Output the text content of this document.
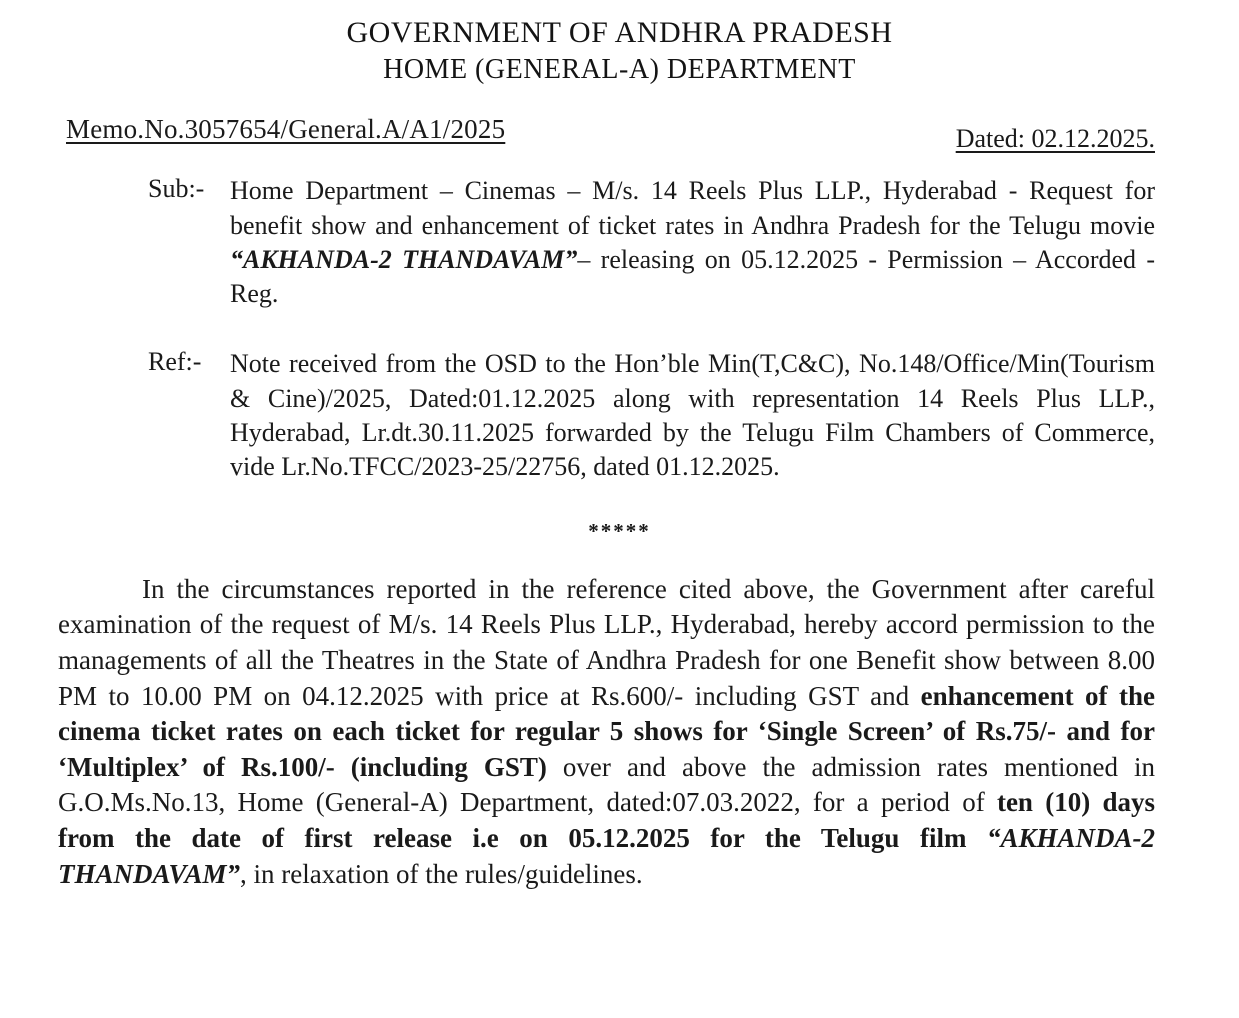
GOVERNMENT OF ANDHRA PRADESH
HOME (GENERAL-A) DEPARTMENT
Memo.No.3057654/General.A/A1/2025	Dated: 02.12.2025.
Sub:- Home Department – Cinemas – M/s. 14 Reels Plus LLP., Hyderabad - Request for benefit show and enhancement of ticket rates in Andhra Pradesh for the Telugu movie “AKHANDA-2 THANDAVAM”– releasing on 05.12.2025 - Permission – Accorded - Reg.
Ref:- Note received from the OSD to the Hon’ble Min(T,C&C), No.148/Office/Min(Tourism & Cine)/2025, Dated:01.12.2025 along with representation 14 Reels Plus LLP., Hyderabad, Lr.dt.30.11.2025 forwarded by the Telugu Film Chambers of Commerce, vide Lr.No.TFCC/2023-25/22756, dated 01.12.2025.
*****
In the circumstances reported in the reference cited above, the Government after careful examination of the request of M/s. 14 Reels Plus LLP., Hyderabad, hereby accord permission to the managements of all the Theatres in the State of Andhra Pradesh for one Benefit show between 8.00 PM to 10.00 PM on 04.12.2025 with price at Rs.600/- including GST and enhancement of the cinema ticket rates on each ticket for regular 5 shows for ‘Single Screen’ of Rs.75/- and for ‘Multiplex’ of Rs.100/- (including GST) over and above the admission rates mentioned in G.O.Ms.No.13, Home (General-A) Department, dated:07.03.2022, for a period of ten (10) days from the date of first release i.e on 05.12.2025 for the Telugu film “AKHANDA-2 THANDAVAM”, in relaxation of the rules/guidelines.
